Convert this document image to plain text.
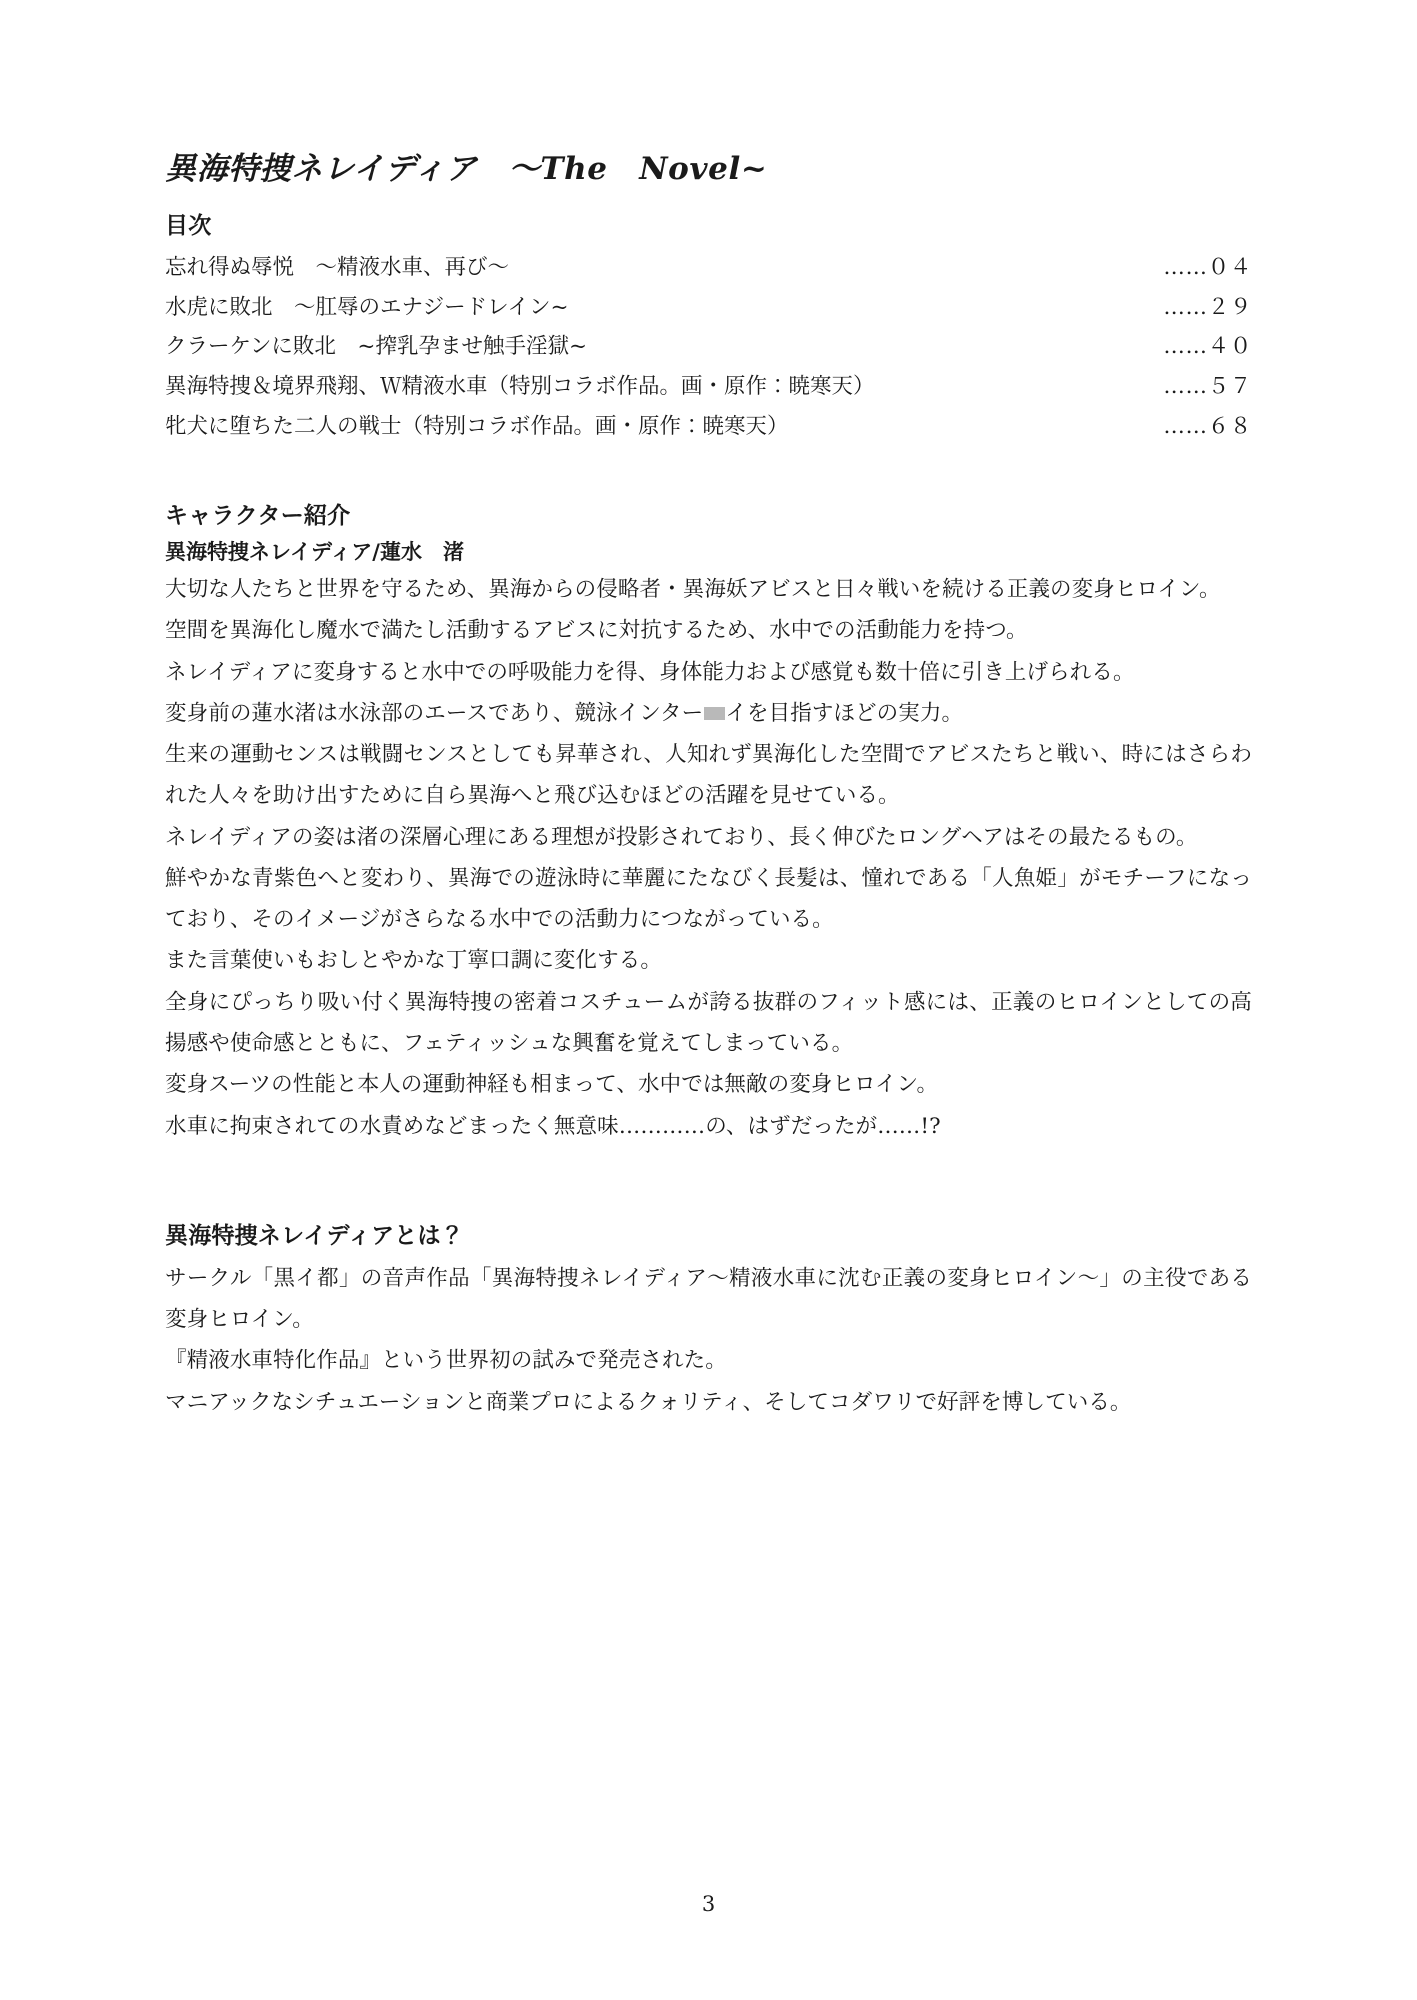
異海特捜ネレイディア　～The　Novel~
目次
忘れ得ぬ辱悦　～精液水車、再び～	……０４
水虎に敗北　～肛辱のエナジードレイン~	……２９
クラーケンに敗北　~搾乳孕ませ触手淫獄~	……４０
異海特捜＆境界飛翔、Ｗ精液水車（特別コラボ作品。画・原作：暁寒天）	……５７
牝犬に堕ちた二人の戦士（特別コラボ作品。画・原作：暁寒天）	……６８
キャラクター紹介
異海特捜ネレイディア/蓮水　渚

大切な人たちと世界を守るため、異海からの侵略者・異海妖アビスと日々戦いを続ける正義の変身ヒロイン。
空間を異海化し魔水で満たし活動するアビスに対抗するため、水中での活動能力を持つ。
ネレイディアに変身すると水中での呼吸能力を得、身体能力および感覚も数十倍に引き上げられる。

変身前の蓮水渚は水泳部のエースであり、競泳インター イを目指すほどの実力。
生来の運動センスは戦闘センスとしても昇華され、人知れず異海化した空間でアビスたちと戦い、時にはさらわれた人々を助け出すために自ら異海へと飛び込むほどの活躍を見せている。

ネレイディアの姿は渚の深層心理にある理想が投影されており、長く伸びたロングヘアはその最たるもの。
鮮やかな青紫色へと変わり、異海での遊泳時に華麗にたなびく長髪は、憧れである「人魚姫」がモチーフになっており、そのイメージがさらなる水中での活動力につながっている。
また言葉使いもおしとやかな丁寧口調に変化する。

全身にぴっちり吸い付く異海特捜の密着コスチュームが誇る抜群のフィット感には、正義のヒロインとしての高揚感や使命感とともに、フェティッシュな興奮を覚えてしまっている。

変身スーツの性能と本人の運動神経も相まって、水中では無敵の変身ヒロイン。
水車に拘束されての水責めなどまったく無意味…………の、はずだったが……!?

異海特捜ネレイディアとは？

サークル「黒イ都」の音声作品「異海特捜ネレイディア～精液水車に沈む正義の変身ヒロイン～」の主役である変身ヒロイン。
『精液水車特化作品』という世界初の試みで発売された。
マニアックなシチュエーションと商業プロによるクォリティ、そしてコダワリで好評を博している。

3
